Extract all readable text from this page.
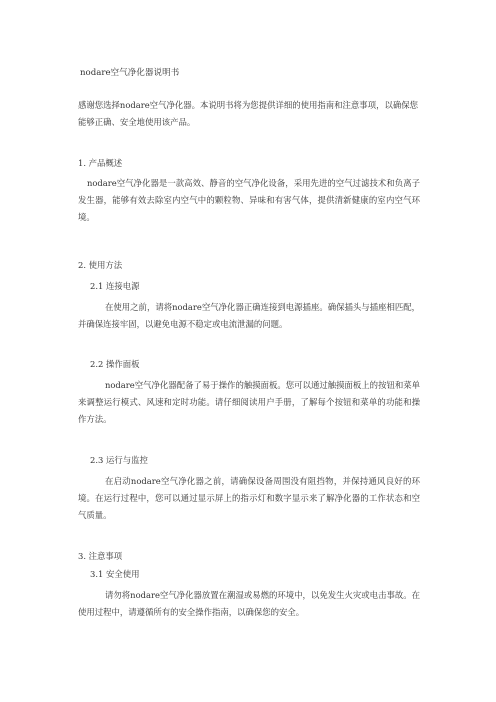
nodare空气净化器说明书
感谢您选择nodare空气净化器。本说明书将为您提供详细的使用指南和注意事项，以确保您能够正确、安全地使用该产品。
1. 产品概述
nodare空气净化器是一款高效、静音的空气净化设备，采用先进的空气过滤技术和负离子发生器，能够有效去除室内空气中的颗粒物、异味和有害气体，提供清新健康的室内空气环境。
2. 使用方法
2.1 连接电源
在使用之前，请将nodare空气净化器正确连接到电源插座。确保插头与插座相匹配，并确保连接牢固，以避免电源不稳定或电流泄漏的问题。
2.2 操作面板
nodare空气净化器配备了易于操作的触摸面板。您可以通过触摸面板上的按钮和菜单来调整运行模式、风速和定时功能。请仔细阅读用户手册，了解每个按钮和菜单的功能和操作方法。
2.3 运行与监控
在启动nodare空气净化器之前，请确保设备周围没有阻挡物，并保持通风良好的环境。在运行过程中，您可以通过显示屏上的指示灯和数字显示来了解净化器的工作状态和空气质量。
3. 注意事项
3.1 安全使用
请勿将nodare空气净化器放置在潮湿或易燃的环境中，以免发生火灾或电击事故。在使用过程中，请遵循所有的安全操作指南，以确保您的安全。
